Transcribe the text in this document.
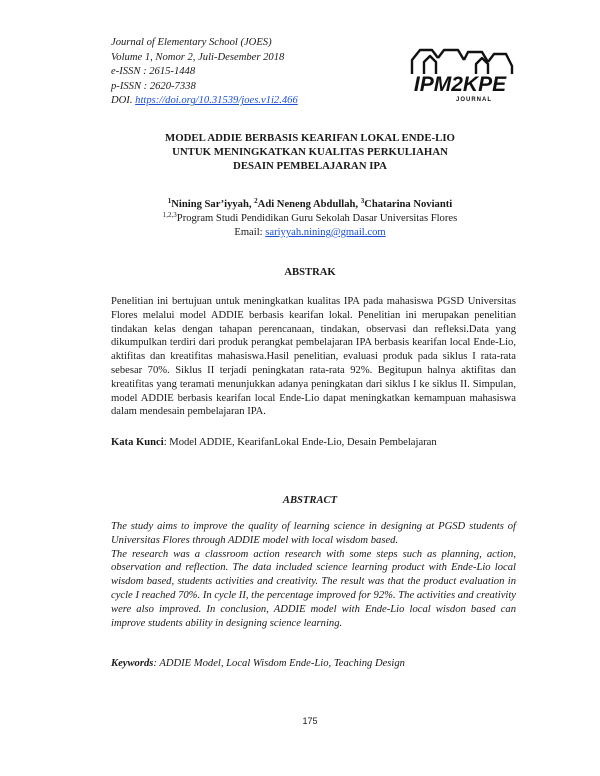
Journal of Elementary School (JOES)
Volume 1, Nomor 2, Juli-Desember 2018
e-ISSN : 2615-1448
p-ISSN : 2620-7338
DOI. https://doi.org/10.31539/joes.v1i2.466
IPM2KPE
JOURNAL
MODEL ADDIE BERBASIS KEARIFAN LOKAL ENDE-LIO
UNTUK MENINGKATKAN KUALITAS PERKULIAHAN
DESAIN PEMBELAJARAN IPA
$^1$Nining Sar’iyyah, $^2$Adi Neneng Abdullah, $^3$Chatarina Novianti
$^{1,2,3}$Program Studi Pendidikan Guru Sekolah Dasar Universitas Flores
Email: sariyyah.nining@gmail.com
ABSTRAK
Penelitian ini bertujuan untuk meningkatkan kualitas IPA pada mahasiswa PGSD Universitas Flores melalui model ADDIE berbasis kearifan lokal. Penelitian ini merupakan penelitian tindakan kelas dengan tahapan perencanaan, tindakan, observasi dan refleksi.Data yang dikumpulkan terdiri dari produk perangkat pembelajaran IPA berbasis kearifan local Ende-Lio, aktifitas dan kreatifitas mahasiswa.Hasil penelitian, evaluasi produk pada siklus I rata-rata sebesar 70%. Siklus II terjadi peningkatan rata-rata 92%. Begitupun halnya aktifitas dan kreatifitas yang teramati menunjukkan adanya peningkatan dari siklus I ke siklus II. Simpulan, model ADDIE berbasis kearifan local Ende-Lio dapat meningkatkan kemampuan mahasiswa dalam mendesain pembelajaran IPA.
Kata Kunci: Model ADDIE, KearifanLokal Ende-Lio, Desain Pembelajaran
ABSTRACT
The study aims to improve the quality of learning science in designing at PGSD students of Universitas Flores through ADDIE model with local wisdom based.
The research was a classroom action research with some steps such as planning, action, observation and reflection. The data included science learning product with Ende-Lio local wisdom based, students activities and creativity. The result was that the product evaluation in cycle I reached 70%. In cycle II, the percentage improved for 92%. The activities and creativity were also improved. In conclusion, ADDIE model with Ende-Lio local wisdon based can improve students ability in designing science learning.
Keywords: ADDIE Model, Local Wisdom Ende-Lio, Teaching Design
175
